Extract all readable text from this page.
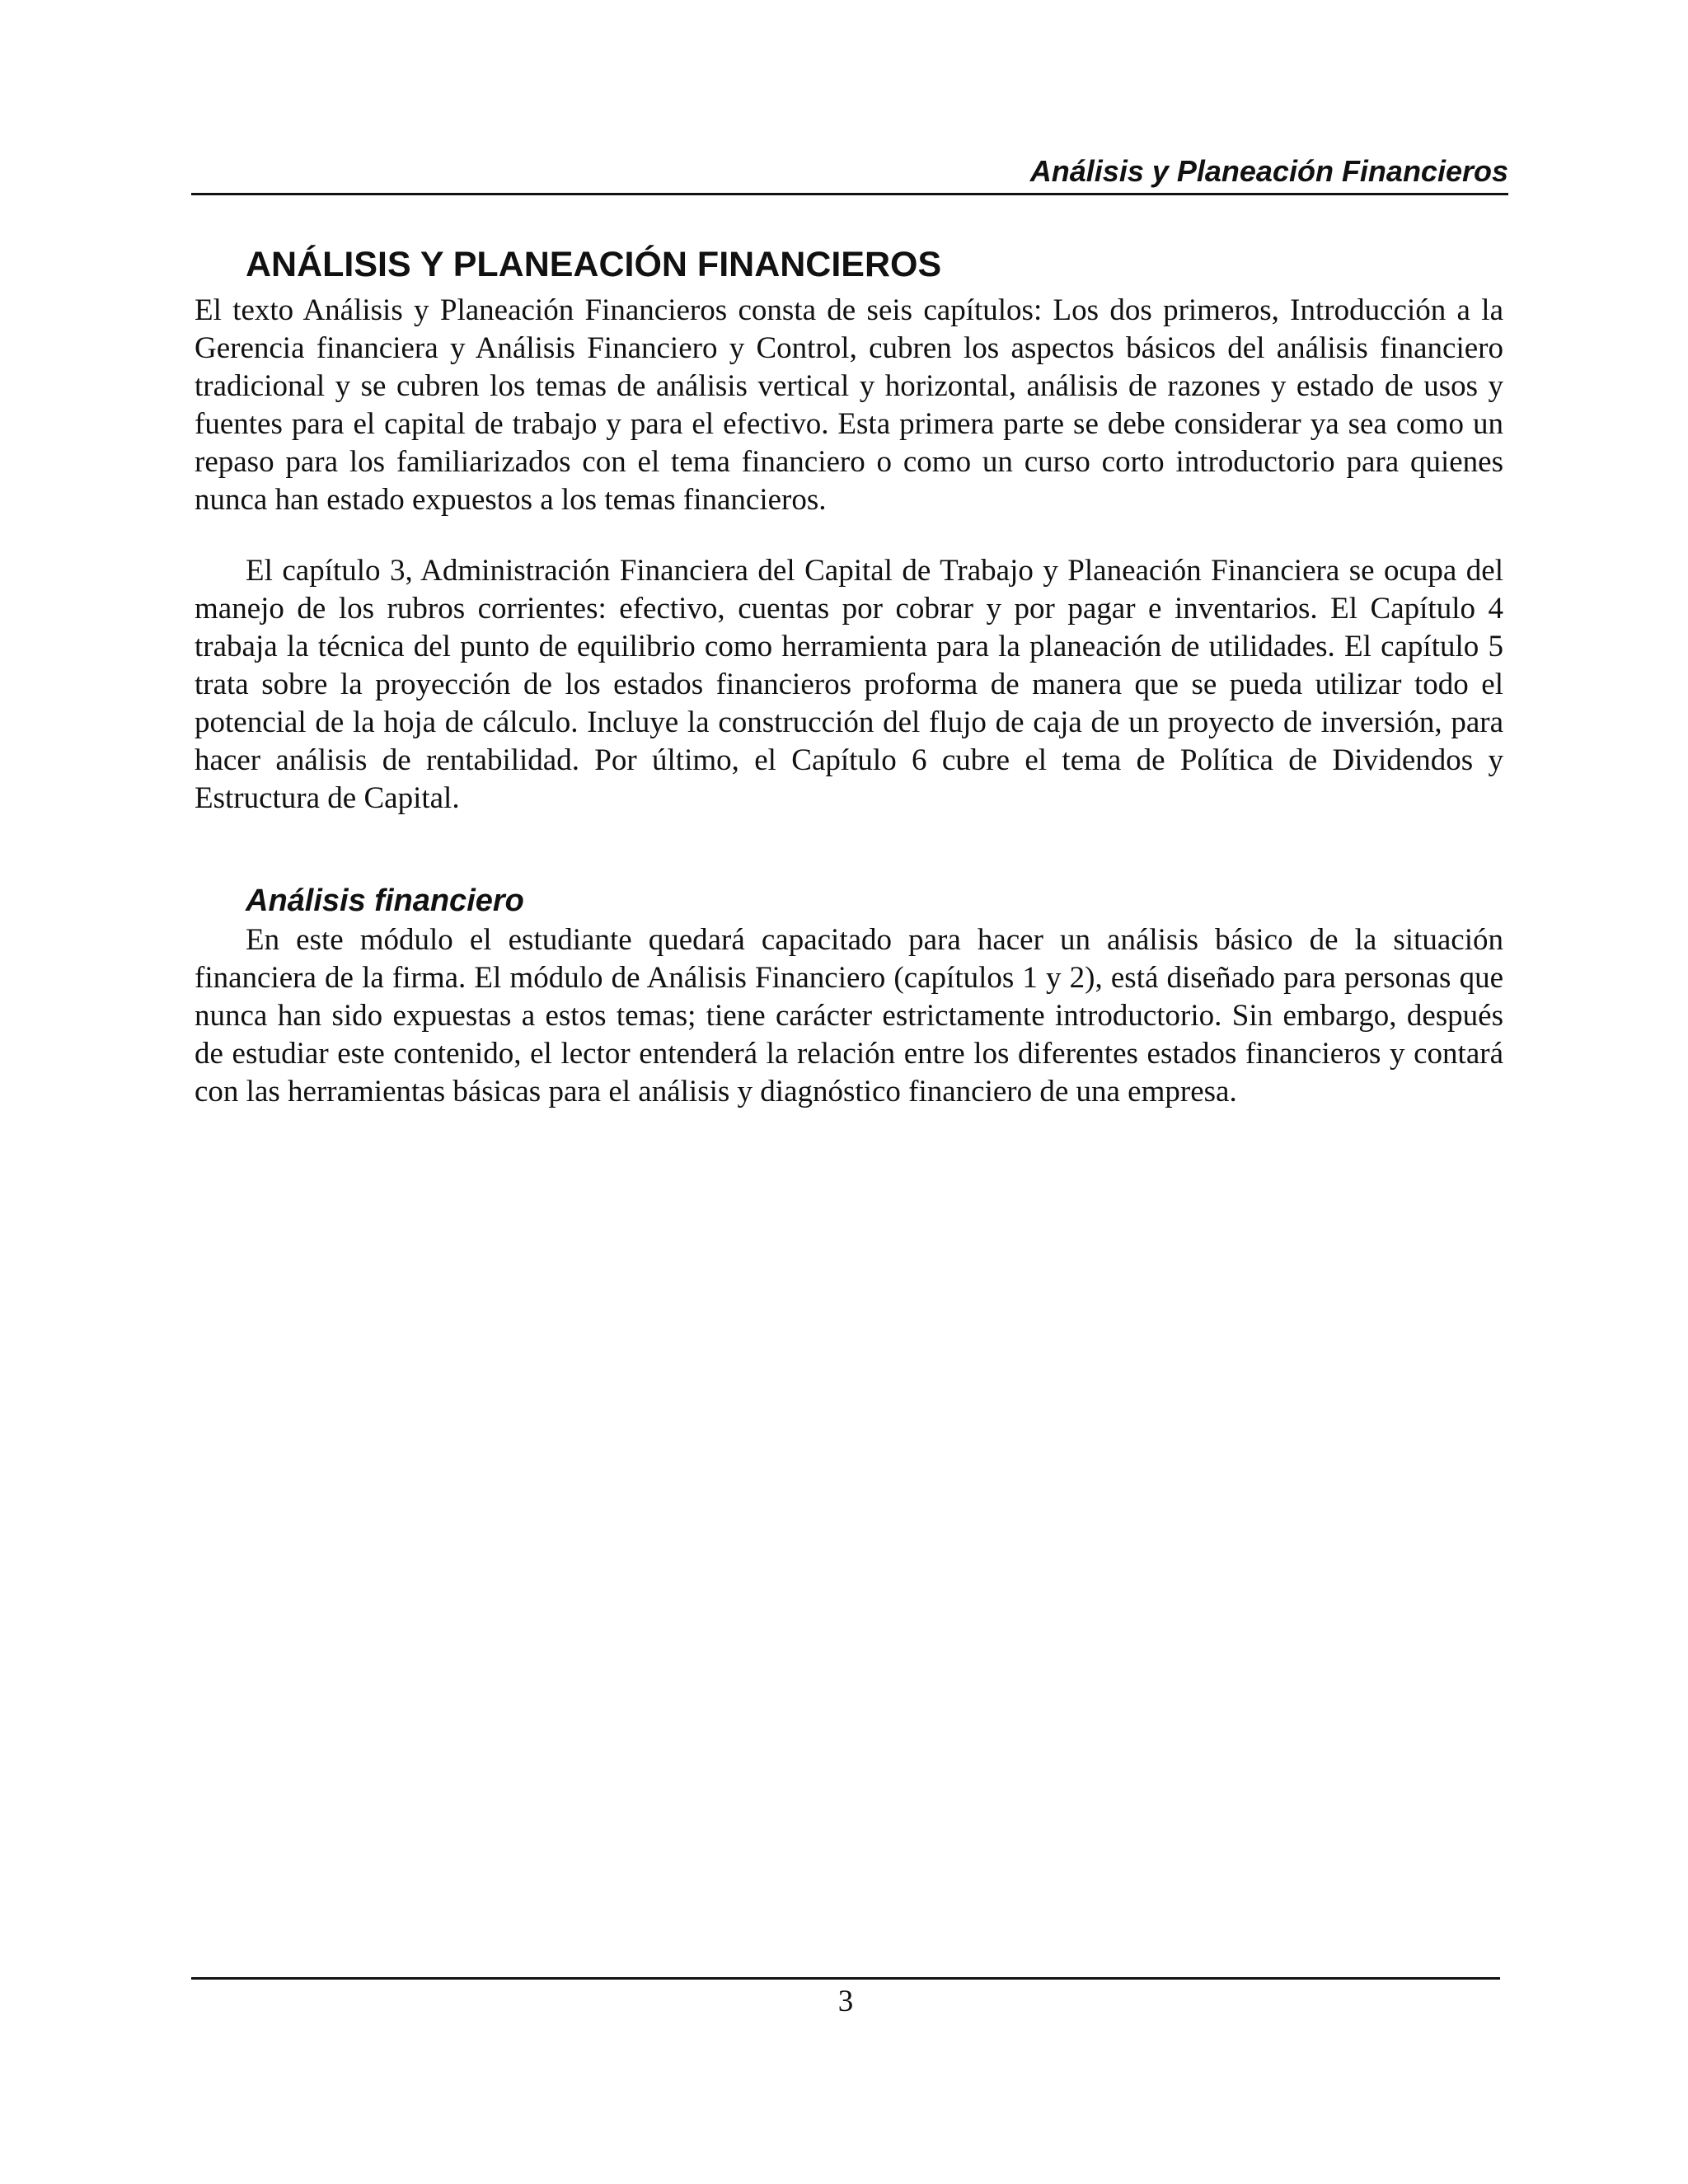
Análisis y Planeación Financieros
ANÁLISIS Y PLANEACIÓN FINANCIEROS

El texto Análisis y Planeación Financieros consta de seis capítulos: Los dos primeros, Introducción a la Gerencia financiera y Análisis Financiero y Control, cubren los aspectos básicos del análisis financiero tradicional y se cubren los temas de análisis vertical y horizontal, análisis de razones y estado de usos y fuentes para el capital de trabajo y para el efectivo. Esta primera parte se debe considerar ya sea como un repaso para los familiarizados con el tema financiero o como un curso corto introductorio para quienes nunca han estado expuestos a los temas financieros.

El capítulo 3, Administración Financiera del Capital de Trabajo y Planeación Financiera se ocupa del manejo de los rubros corrientes: efectivo, cuentas por cobrar y por pagar e inventarios. El Capítulo 4 trabaja la técnica del punto de equilibrio como herramienta para la planeación de utilidades. El capítulo 5 trata sobre la proyección de los estados financieros proforma de manera que se pueda utilizar todo el potencial de la hoja de cálculo. Incluye la construcción del flujo de caja de un proyecto de inversión, para hacer análisis de rentabilidad. Por último, el Capítulo 6 cubre el tema de Política de Dividendos y Estructura de Capital.

Análisis financiero

En este módulo el estudiante quedará capacitado para hacer un análisis básico de la situación financiera de la firma. El módulo de Análisis Financiero (capítulos 1 y 2), está diseñado para personas que nunca han sido expuestas a estos temas; tiene carácter estrictamente introductorio. Sin embargo, después de estudiar este contenido, el lector entenderá la relación entre los diferentes estados financieros y contará con las herramientas básicas para el análisis y diagnóstico financiero de una empresa.

3
